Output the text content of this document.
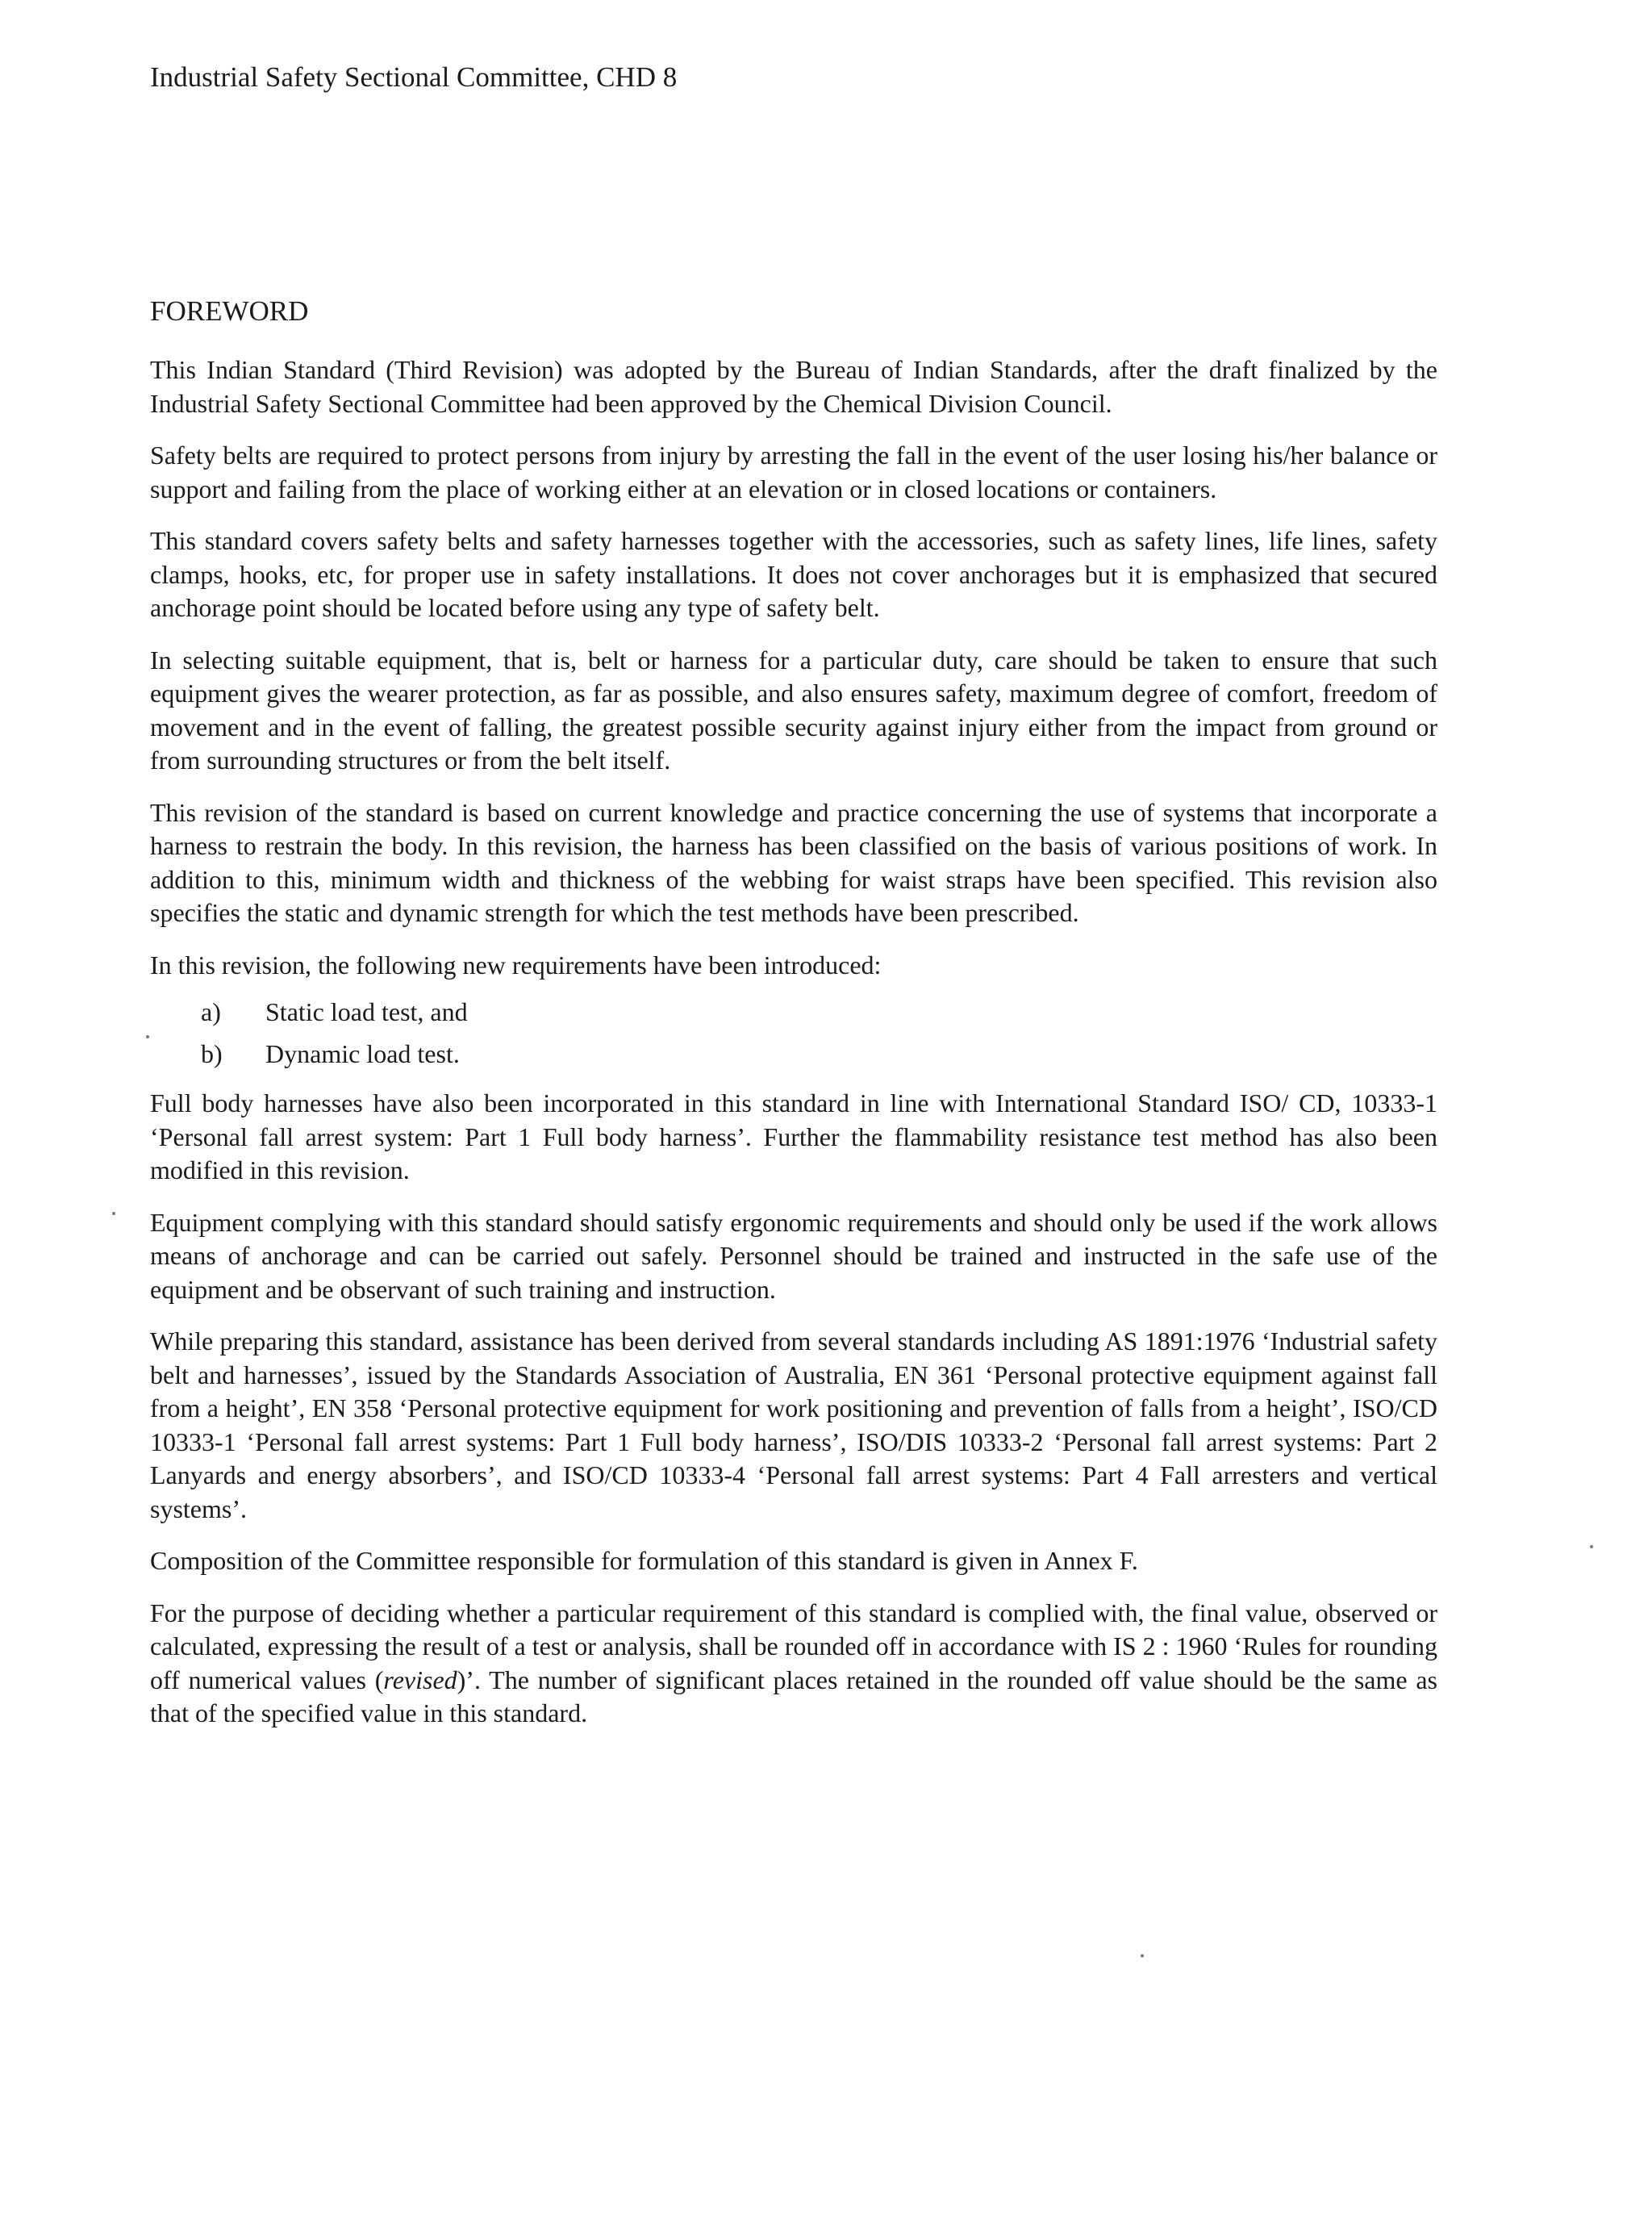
Industrial Safety Sectional Committee, CHD 8

FOREWORD

This Indian Standard (Third Revision) was adopted by the Bureau of Indian Standards, after the draft finalized by the Industrial Safety Sectional Committee had been approved by the Chemical Division Council.

Safety belts are required to protect persons from injury by arresting the fall in the event of the user losing his/her balance or support and failing from the place of working either at an elevation or in closed locations or containers.

This standard covers safety belts and safety harnesses together with the accessories, such as safety lines, life lines, safety clamps, hooks, etc, for proper use in safety installations. It does not cover anchorages but it is emphasized that secured anchorage point should be located before using any type of safety belt.

In selecting suitable equipment, that is, belt or harness for a particular duty, care should be taken to ensure that such equipment gives the wearer protection, as far as possible, and also ensures safety, maximum degree of comfort, freedom of movement and in the event of falling, the greatest possible security against injury either from the impact from ground or from surrounding structures or from the belt itself.

This revision of the standard is based on current knowledge and practice concerning the use of systems that incorporate a harness to restrain the body. In this revision, the harness has been classified on the basis of various positions of work. In addition to this, minimum width and thickness of the webbing for waist straps have been specified. This revision also specifies the static and dynamic strength for which the test methods have been prescribed.

In this revision, the following new requirements have been introduced:

a)	Static load test, and
b)	Dynamic load test.

Full body harnesses have also been incorporated in this standard in line with International Standard ISO/ CD, 10333-1 ‘Personal fall arrest system: Part 1 Full body harness’. Further the flammability resistance test method has also been modified in this revision.

Equipment complying with this standard should satisfy ergonomic requirements and should only be used if the work allows means of anchorage and can be carried out safely. Personnel should be trained and instructed in the safe use of the equipment and be observant of such training and instruction.

While preparing this standard, assistance has been derived from several standards including AS 1891:1976 ‘Industrial safety belt and harnesses’, issued by the Standards Association of Australia, EN 361 ‘Personal protective equipment against fall from a height’, EN 358 ‘Personal protective equipment for work positioning and prevention of falls from a height’, ISO/CD 10333-1 ‘Personal fall arrest systems: Part 1 Full body harness’, ISO/DIS 10333-2 ‘Personal fall arrest systems: Part 2 Lanyards and energy absorbers’, and ISO/CD 10333-4 ‘Personal fall arrest systems: Part 4 Fall arresters and vertical systems’.

Composition of the Committee responsible for formulation of this standard is given in Annex F.

For the purpose of deciding whether a particular requirement of this standard is complied with, the final value, observed or calculated, expressing the result of a test or analysis, shall be rounded off in accordance with IS 2 : 1960 ‘Rules for rounding off numerical values (revised)’. The number of significant places retained in the rounded off value should be the same as that of the specified value in this standard.
